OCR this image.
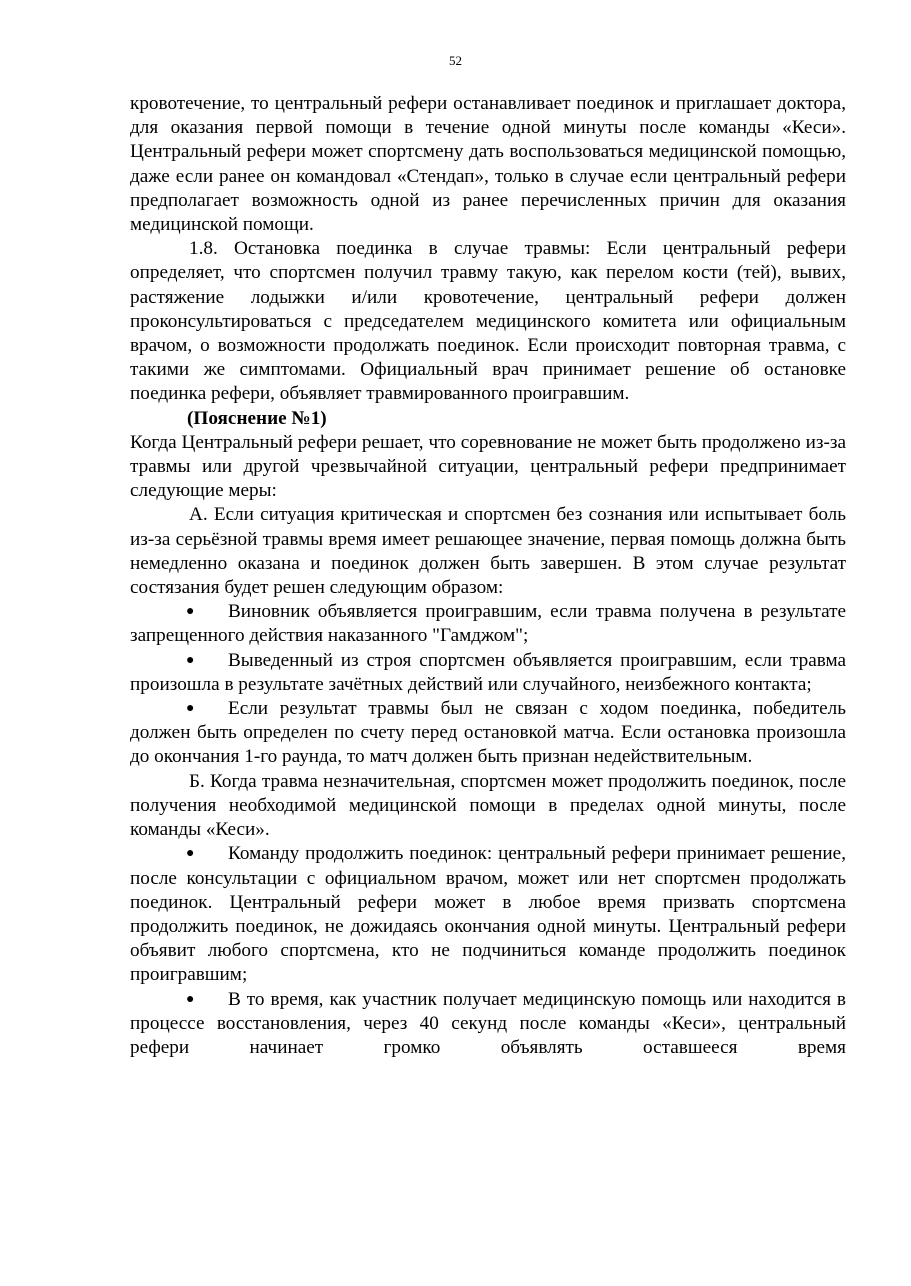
52

кровотечение, то центральный рефери останавливает поединок и приглашает доктора, для оказания первой помощи в течение одной минуты после команды «Кеси». Центральный рефери может спортсмену дать воспользоваться медицинской помощью, даже если ранее он командовал «Стендап», только в случае если центральный рефери предполагает возможность одной из ранее перечисленных причин для оказания медицинской помощи.

1.8. Остановка поединка в случае травмы: Если центральный рефери определяет, что спортсмен получил травму такую, как перелом кости (тей), вывих, растяжение лодыжки и/или кровотечение, центральный рефери должен проконсультироваться с председателем медицинского комитета или официальным врачом, о возможности продолжать поединок. Если происходит повторная травма, с такими же симптомами. Официальный врач принимает решение об остановке поединка рефери, объявляет травмированного проигравшим.

(Пояснение №1)

Когда Центральный рефери решает, что соревнование не может быть продолжено из-за травмы или другой чрезвычайной ситуации, центральный рефери предпринимает следующие меры:

А. Если ситуация критическая и спортсмен без сознания или испытывает боль из-за серьёзной травмы время имеет решающее значение, первая помощь должна быть немедленно оказана и поединок должен быть завершен. В этом случае результат состязания будет решен следующим образом:

● Виновник объявляется проигравшим, если травма получена в результате запрещенного действия наказанного "Гамджом";

● Выведенный из строя спортсмен объявляется проигравшим, если травма произошла в результате зачётных действий или случайного, неизбежного контакта;

● Если результат травмы был не связан с ходом поединка, победитель должен быть определен по счету перед остановкой матча. Если остановка произошла до окончания 1-го раунда, то матч должен быть признан недействительным.

Б. Когда травма незначительная, спортсмен может продолжить поединок, после получения необходимой медицинской помощи в пределах одной минуты, после команды «Кеси».

● Команду продолжить поединок: центральный рефери принимает решение, после консультации с официальном врачом, может или нет спортсмен продолжать поединок. Центральный рефери может в любое время призвать спортсмена продолжить поединок, не дожидаясь окончания одной минуты. Центральный рефери объявит любого спортсмена, кто не подчиниться команде продолжить поединок проигравшим;

● В то время, как участник получает медицинскую помощь или находится в процессе восстановления, через 40 секунд после команды «Кеси», центральный рефери начинает громко объявлять оставшееся время
